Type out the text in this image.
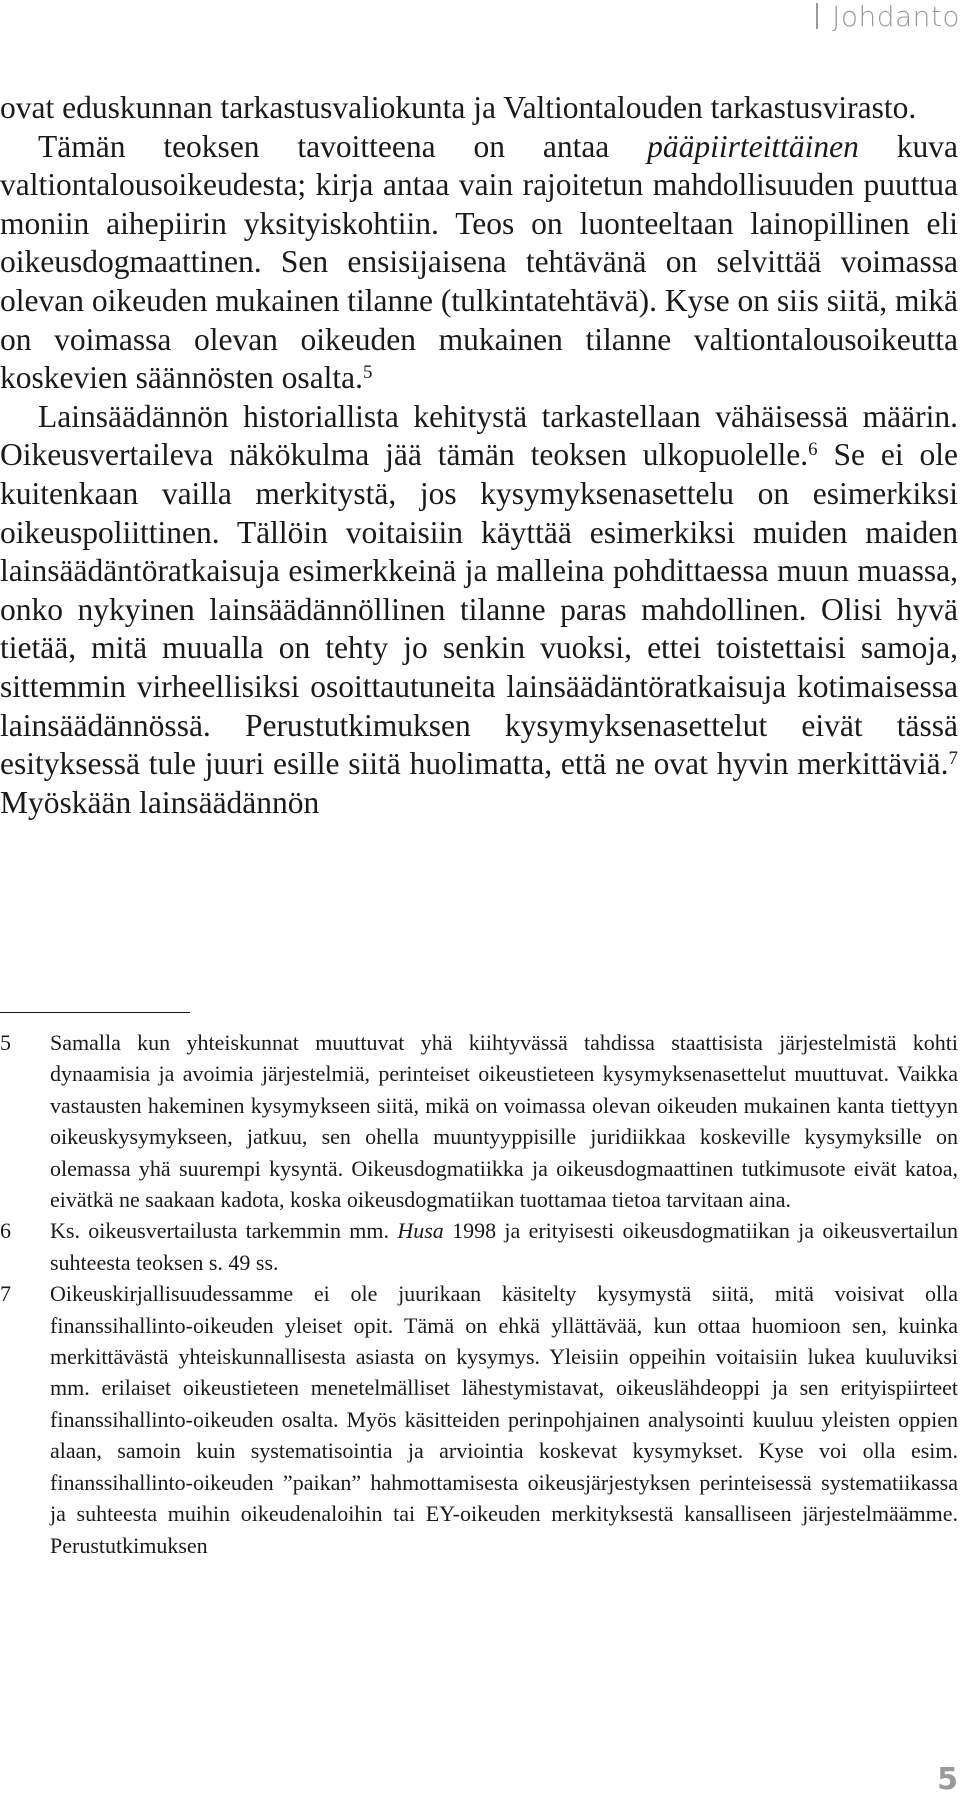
Johdanto

ovat eduskunnan tarkastusvaliokunta ja Valtiontalouden tarkastusvirasto.

Tämän teoksen tavoitteena on antaa pääpiirteittäinen kuva valtiontalousoikeudesta; kirja antaa vain rajoitetun mahdollisuuden puuttua moniin aihepiirin yksityiskohtiin. Teos on luonteeltaan lainopillinen eli oikeusdogmaattinen. Sen ensisijaisena tehtävänä on selvittää voimassa olevan oikeuden mukainen tilanne (tulkintatehtävä). Kyse on siis siitä, mikä on voimassa olevan oikeuden mukainen tilanne valtiontalousoikeutta koskevien säännösten osalta.$^5$

Lainsäädännön historiallista kehitystä tarkastellaan vähäisessä määrin. Oikeusvertaileva näkökulma jää tämän teoksen ulkopuolelle.$^6$ Se ei ole kuitenkaan vailla merkitystä, jos kysymyksenasettelu on esimerkiksi oikeuspoliittinen. Tällöin voitaisiin käyttää esimerkiksi muiden maiden lainsäädäntöratkaisuja esimerkkeinä ja malleina pohdittaessa muun muassa, onko nykyinen lainsäädännöllinen tilanne paras mahdollinen. Olisi hyvä tietää, mitä muualla on tehty jo senkin vuoksi, ettei toistettaisi samoja, sittemmin virheellisiksi osoittautuneita lainsäädäntöratkaisuja kotimaisessa lainsäädännössä. Perustutkimuksen kysymyksenasettelut eivät tässä esityksessä tule juuri esille siitä huolimatta, että ne ovat hyvin merkittäviä.$^7$ Myöskään lainsäädännön

5 Samalla kun yhteiskunnat muuttuvat yhä kiihtyvässä tahdissa staattisista järjestelmistä kohti dynaamisia ja avoimia järjestelmiä, perinteiset oikeustieteen kysymyksenasettelut muuttuvat. Vaikka vastausten hakeminen kysymykseen siitä, mikä on voimassa olevan oikeuden mukainen kanta tiettyyn oikeuskysymykseen, jatkuu, sen ohella muuntyyppisille juridiikkaa koskeville kysymyksille on olemassa yhä suurempi kysyntä. Oikeusdogmatiikka ja oikeusdogmaattinen tutkimusote eivät katoa, eivätkä ne saakaan kadota, koska oikeusdogmatiikan tuottamaa tietoa tarvitaan aina.
6 Ks. oikeusvertailusta tarkemmin mm. Husa 1998 ja erityisesti oikeusdogmatiikan ja oikeusvertailun suhteesta teoksen s. 49 ss.
7 Oikeuskirjallisuudessamme ei ole juurikaan käsitelty kysymystä siitä, mitä voisivat olla finanssihallinto-oikeuden yleiset opit. Tämä on ehkä yllättävää, kun ottaa huomioon sen, kuinka merkittävästä yhteiskunnallisesta asiasta on kysymys. Yleisiin oppeihin voitaisiin lukea kuuluviksi mm. erilaiset oikeustieteen menetelmälliset lähestymistavat, oikeuslähdeoppi ja sen erityispiirteet finanssihallinto-oikeuden osalta. Myös käsitteiden perinpohjainen analysointi kuuluu yleisten oppien alaan, samoin kuin systematisointia ja arviointia koskevat kysymykset. Kyse voi olla esim. finanssihallinto-oikeuden ”paikan” hahmottamisesta oikeusjärjestyksen perinteisessä systematiikassa ja suhteesta muihin oikeudenaloihin tai EY-oikeuden merkityksestä kansalliseen järjestelmäämme. Perustutkimuksen
5
